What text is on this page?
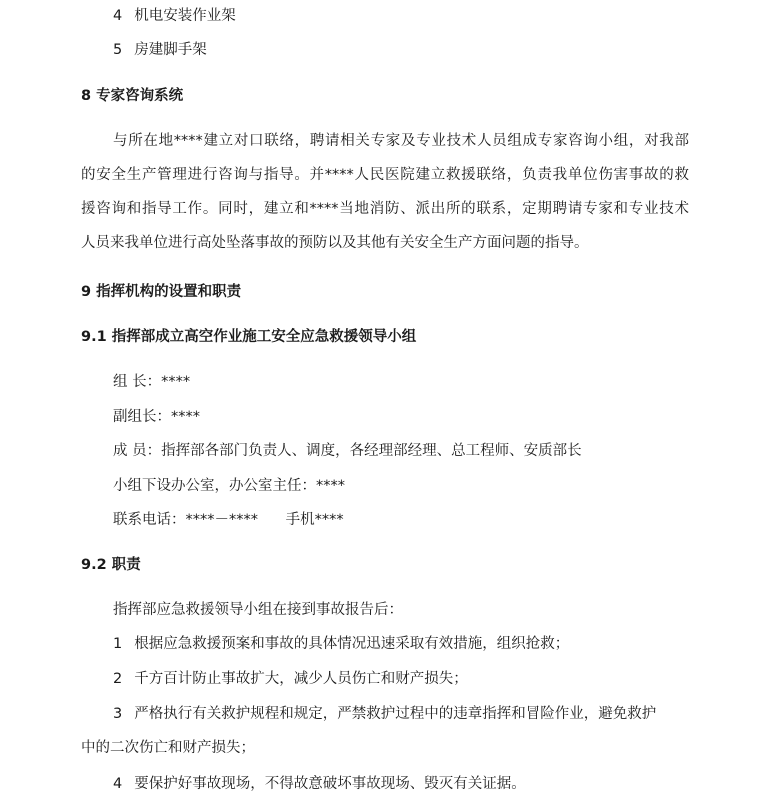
4 机电安装作业架
5 房建脚手架
8 专家咨询系统
与所在地****建立对口联络，聘请相关专家及专业技术人员组成专家咨询小组，对我部
的安全生产管理进行咨询与指导。并****人民医院建立救援联络，负责我单位伤害事故的救
援咨询和指导工作。同时，建立和****当地消防、派出所的联系，定期聘请专家和专业技术
人员来我单位进行高处坠落事故的预防以及其他有关安全生产方面问题的指导。
9 指挥机构的设置和职责
9.1 指挥部成立高空作业施工安全应急救援领导小组
组 长：****
副组长：****
成 员：指挥部各部门负责人、调度，各经理部经理、总工程师、安质部长
小组下设办公室，办公室主任：****
联系电话：****－****      手机****
9.2 职责
指挥部应急救援领导小组在接到事故报告后：
1 根据应急救援预案和事故的具体情况迅速采取有效措施，组织抢救；
2 千方百计防止事故扩大，减少人员伤亡和财产损失；
3 严格执行有关救护规程和规定，严禁救护过程中的违章指挥和冒险作业，避免救护
中的二次伤亡和财产损失；
4 要保护好事故现场，不得故意破坏事故现场、毁灭有关证据。
